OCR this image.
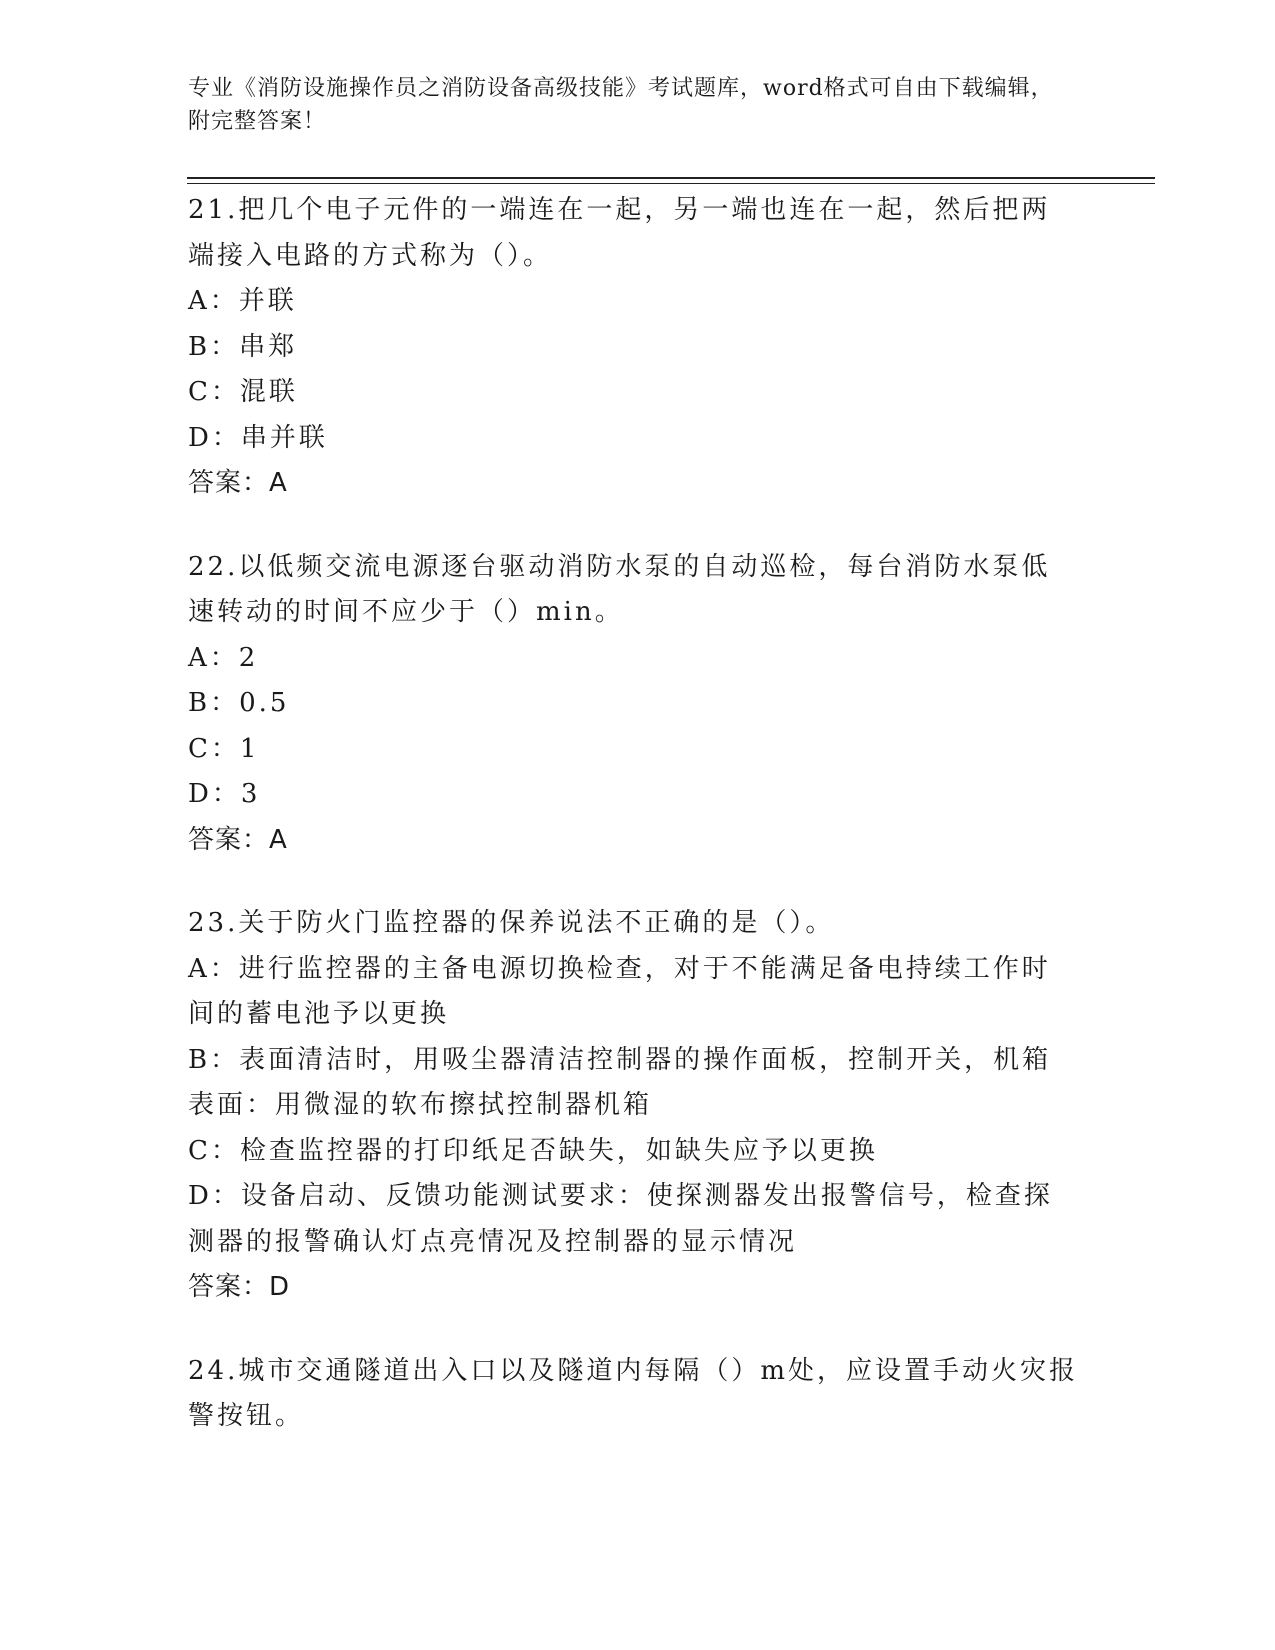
专业《消防设施操作员之消防设备高级技能》考试题库，word格式可自由下载编辑，附完整答案！

21.把几个电子元件的一端连在一起，另一端也连在一起，然后把两端接入电路的方式称为（）。

A：并联

B：串郑

C：混联

D：串并联

答案：A

22.以低频交流电源逐台驱动消防水泵的自动巡检，每台消防水泵低速转动的时间不应少于（）min。

A：2

B：0.5

C：1

D：3

答案：A

23.关于防火门监控器的保养说法不正确的是（）。

A：进行监控器的主备电源切换检查，对于不能满足备电持续工作时间的蓄电池予以更换

B：表面清洁时，用吸尘器清洁控制器的操作面板，控制开关，机箱表面：用微湿的软布擦拭控制器机箱

C：检查监控器的打印纸足否缺失，如缺失应予以更换

D：设备启动、反馈功能测试要求：使探测器发出报警信号，检查探测器的报警确认灯点亮情况及控制器的显示情况

答案：D

24.城市交通隧道出入口以及隧道内每隔（）m处，应设置手动火灾报警按钮。
